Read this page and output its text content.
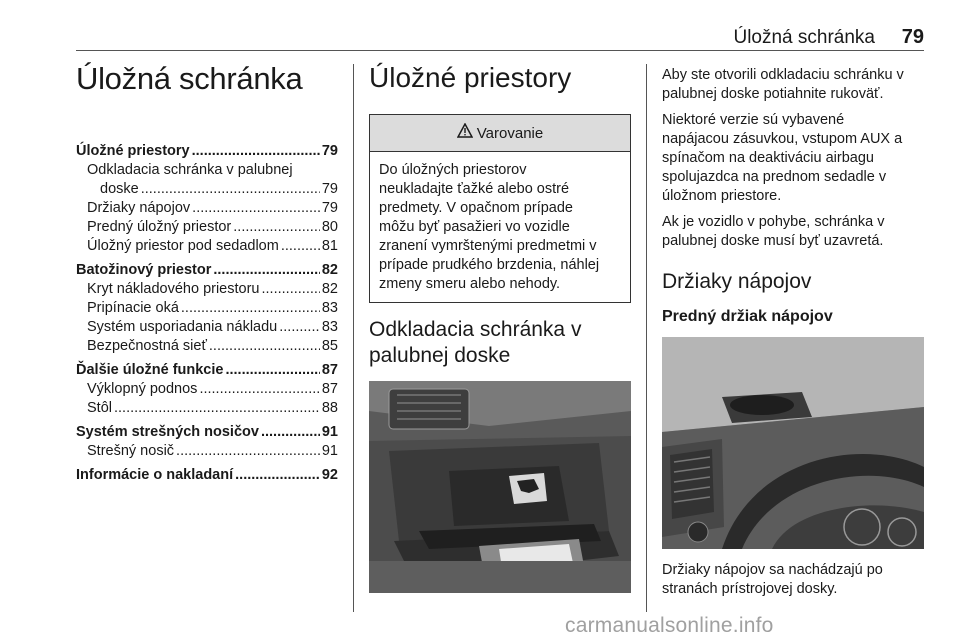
Úložná schránka 79
Úložná schránka
Úložné priestory .....	79
Odkladacia schránka v palubnej
doske .....	79
Držiaky nápojov .....	79
Predný úložný priestor .....	80
Úložný priestor pod sedadlom .....	81
Batožinový priestor .....	82
Kryt nákladového priestoru .....	82
Pripínacie oká .....	83
Systém usporiadania nákladu .....	83
Bezpečnostná sieť .....	85
Ďalšie úložné funkcie .....	87
Výklopný podnos .....	87
Stôl .....	88
Systém strešných nosičov .....	91
Strešný nosič .....	91
Informácie o nakladaní .....	92
Úložné priestory
Varovanie
Do úložných priestorov
neukladajte ťažké alebo ostré
predmety. V opačnom prípade
môžu byť pasažieri vo vozidle
zranení vymrštenými predmetmi v
prípade prudkého brzdenia, náhlej
zmeny smeru alebo nehody.
Odkladacia schránka v
palubnej doske

Aby ste otvorili odkladaciu schránku v
palubnej doske potiahnite rukoväť.

Niektoré verzie sú vybavené
napájacou zásuvkou, vstupom AUX a
spínačom na deaktiváciu airbagu
spolujazdca na prednom sedadle v
úložnom priestore.

Ak je vozidlo v pohybe, schránka v
palubnej doske musí byť uzavretá.

Držiaky nápojov
Predný držiak nápojov
Držiaky nápojov sa nachádzajú po
stranách prístrojovej dosky.
carmanualsonline.info
